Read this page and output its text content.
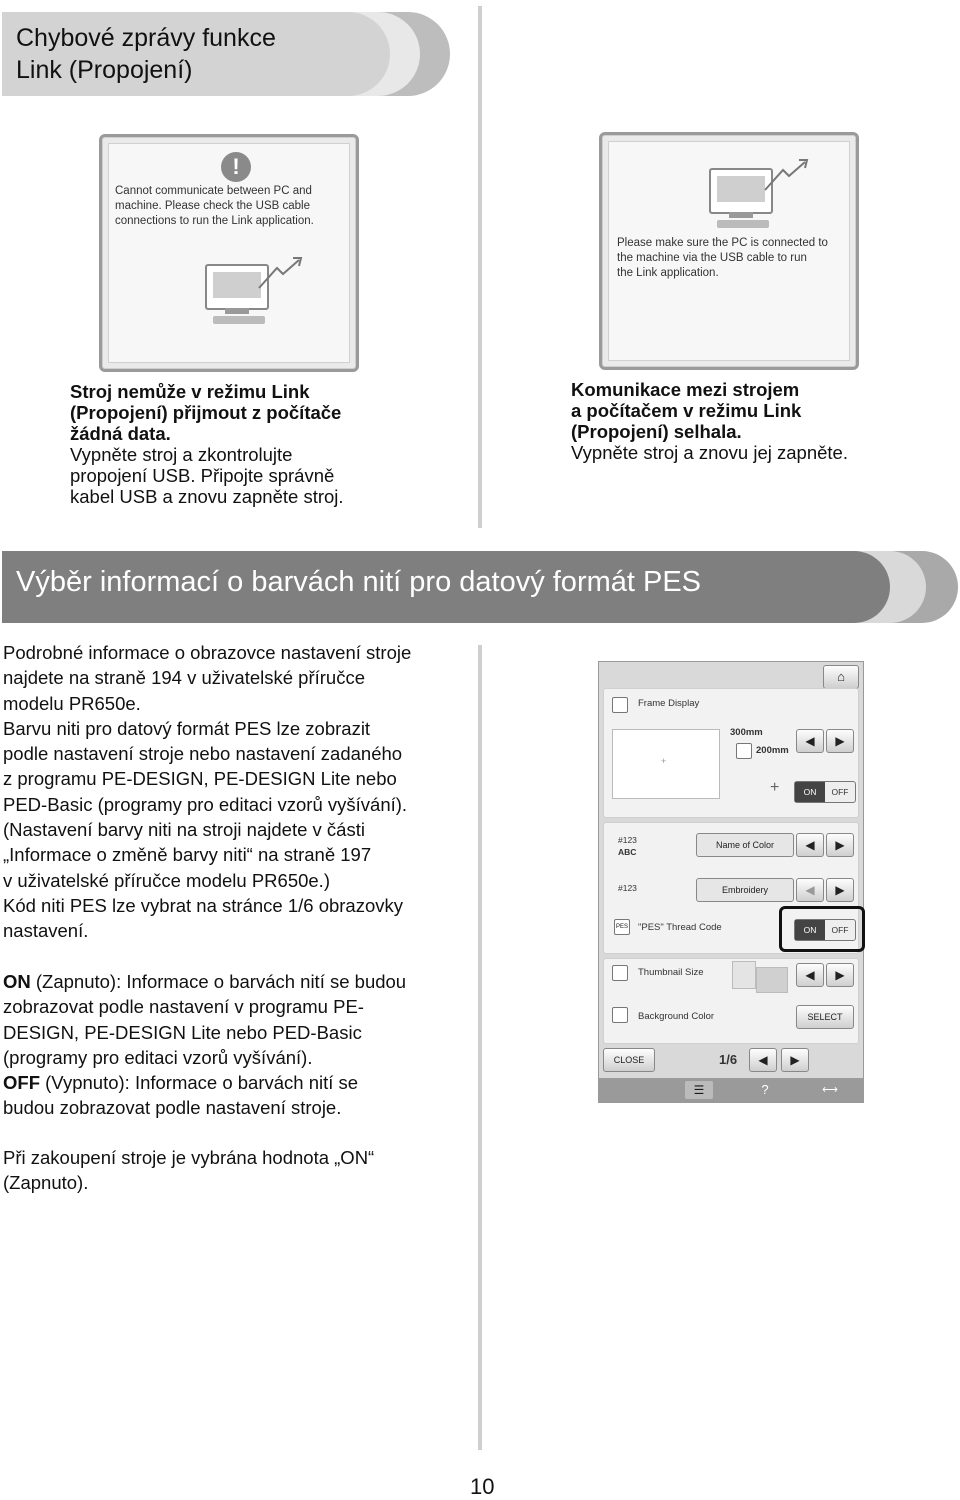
Chybové zprávy funkce
Link (Propojení)
!
Cannot communicate between PC and
machine. Please check the USB cable
connections to run the Link application.
Please make sure the PC is connected to
the machine via the USB cable to run
the Link application.
Stroj nemůže v režimu Link
(Propojení) přijmout z počítače
žádná data.
Vypněte stroj a zkontrolujte
propojení USB. Připojte správně
kabel USB a znovu zapněte stroj.
Komunikace mezi strojem
a počítačem v režimu Link
(Propojení) selhala.
Vypněte stroj a znovu jej zapněte.
Výběr informací o barvách nití pro datový formát PES
Podrobné informace o obrazovce nastavení stroje
najdete na straně 194 v uživatelské příručce
modelu PR650e.
Barvu niti pro datový formát PES lze zobrazit
podle nastavení stroje nebo nastavení zadaného
z programu PE-DESIGN, PE-DESIGN Lite nebo
PED-Basic (programy pro editaci vzorů vyšívání).
(Nastavení barvy niti na stroji najdete v části
„Informace o změně barvy niti“ na straně 197
v uživatelské příručce modelu PR650e.)
Kód niti PES lze vybrat na stránce 1/6 obrazovky
nastavení.
ON (Zapnuto): Informace o barvách nití se budou
zobrazovat podle nastavení v programu PE-
DESIGN, PE-DESIGN Lite nebo PED-Basic
(programy pro editaci vzorů vyšívání).
OFF (Vypnuto): Informace o barvách nití se
budou zobrazovat podle nastavení stroje.
Při zakoupení stroje je vybrána hodnota „ON“
(Zapnuto).
⌂
Frame Display
+
300mm
200mm
◀	▶
+	ON	OFF
#123
ABC
Name of Color	◀	▶
#123	Embroidery	◀	▶
PES "PES" Thread Code	ON	OFF
Thumbnail Size	◀	▶
Background Color	SELECT
CLOSE	1/6	◀	▶
☰	?	⟷
10
